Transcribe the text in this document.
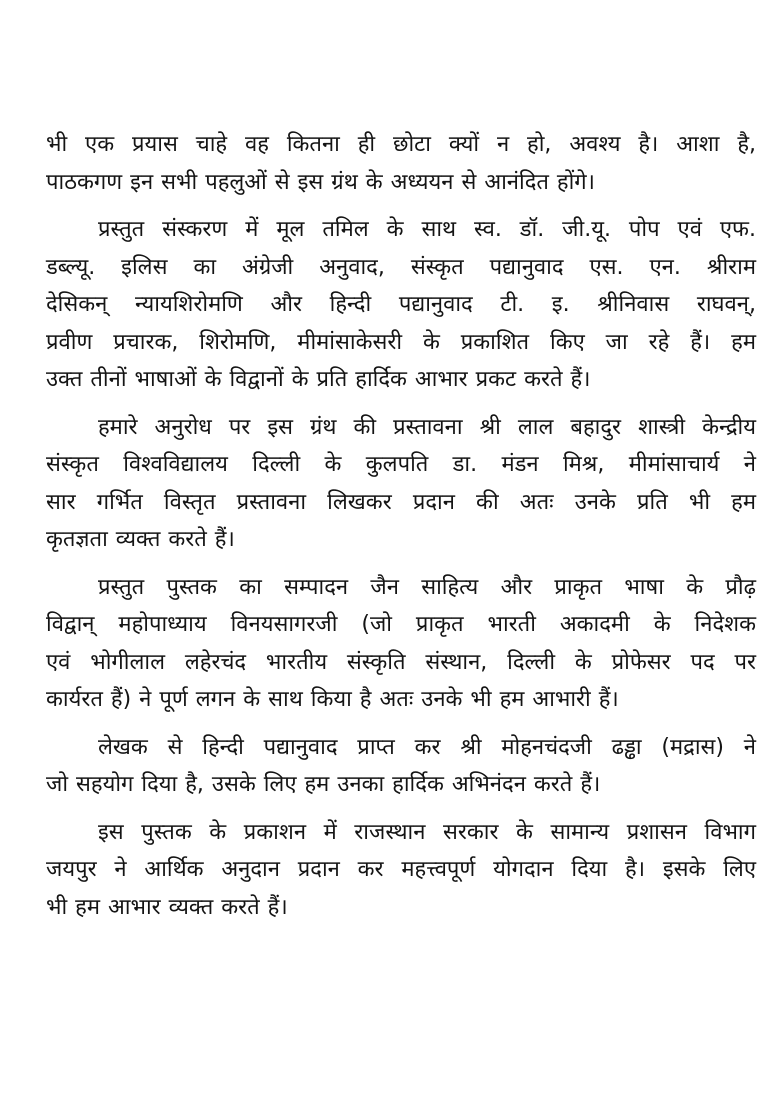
भी एक प्रयास चाहे वह कितना ही छोटा क्यों न हो, अवश्य है। आशा है,
पाठकगण इन सभी पहलुओं से इस ग्रंथ के अध्ययन से आनंदित होंगे।

प्रस्तुत संस्करण में मूल तमिल के साथ स्व. डॉ. जी.यू. पोप एवं एफ.
डब्ल्यू. इलिस का अंग्रेजी अनुवाद, संस्कृत पद्यानुवाद एस. एन. श्रीराम
देसिकन् न्यायशिरोमणि और हिन्दी पद्यानुवाद टी. इ. श्रीनिवास राघवन्,
प्रवीण प्रचारक, शिरोमणि, मीमांसाकेसरी के प्रकाशित किए जा रहे हैं। हम
उक्त तीनों भाषाओं के विद्वानों के प्रति हार्दिक आभार प्रकट करते हैं।

हमारे अनुरोध पर इस ग्रंथ की प्रस्तावना श्री लाल बहादुर शास्त्री केन्द्रीय
संस्कृत विश्वविद्यालय दिल्ली के कुलपति डा. मंडन मिश्र, मीमांसाचार्य ने
सार गर्भित विस्तृत प्रस्तावना लिखकर प्रदान की अतः उनके प्रति भी हम
कृतज्ञता व्यक्त करते हैं।

प्रस्तुत पुस्तक का सम्पादन जैन साहित्य और प्राकृत भाषा के प्रौढ़
विद्वान् महोपाध्याय विनयसागरजी (जो प्राकृत भारती अकादमी के निदेशक
एवं भोगीलाल लहेरचंद भारतीय संस्कृति संस्थान, दिल्ली के प्रोफेसर पद पर
कार्यरत हैं) ने पूर्ण लगन के साथ किया है अतः उनके भी हम आभारी हैं।

लेखक से हिन्दी पद्यानुवाद प्राप्त कर श्री मोहनचंदजी ढड्ढा (मद्रास) ने
जो सहयोग दिया है, उसके लिए हम उनका हार्दिक अभिनंदन करते हैं।

इस पुस्तक के प्रकाशन में राजस्थान सरकार के सामान्य प्रशासन विभाग
जयपुर ने आर्थिक अनुदान प्रदान कर महत्त्वपूर्ण योगदान दिया है। इसके लिए
भी हम आभार व्यक्त करते हैं।
